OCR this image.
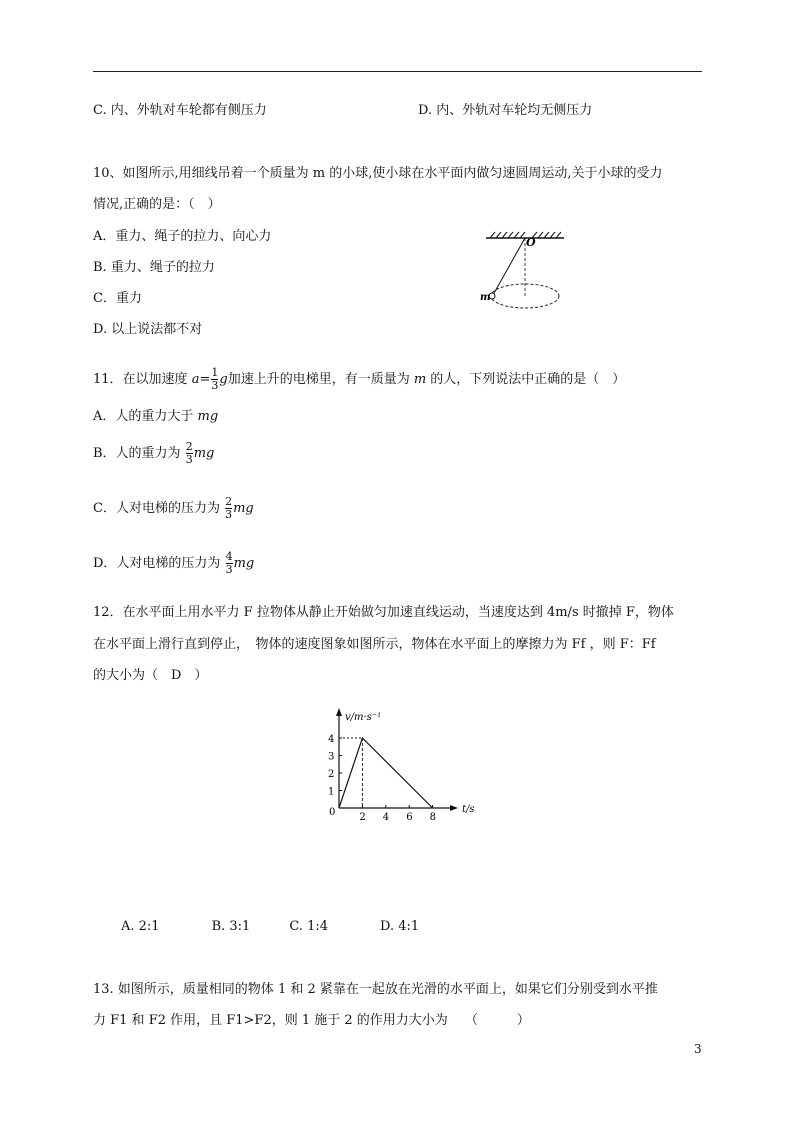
C. 内、外轨对车轮都有侧压力	D. 内、外轨对车轮均无侧压力
10、如图所示,用细线吊着一个质量为 m 的小球,使小球在水平面内做匀速圆周运动,关于小球的受力
情况,正确的是：（　）
A．重力、绳子的拉力、向心力
B. 重力、绳子的拉力
C．重力
D. 以上说法都不对
O
m
11．在以加速度 $a= \frac{1}{3}$ g加速上升的电梯里，有一质量为 m 的人，下列说法中正确的是（　）
A．人的重力大于 mg
B．人的重力为 $\frac{2}{3}$ mg
C．人对电梯的压力为 $\frac{2}{3}$ mg
D．人对电梯的压力为 $\frac{4}{3}$ mg
12．在水平面上用水平力 F 拉物体从静止开始做匀加速直线运动，当速度达到 4m/s 时撤掉 F，物体
在水平面上滑行直到停止，　物体的速度图象如图所示，物体在水平面上的摩擦力为 Ff ，则 F：Ff
的大小为（　D　）
v/m·s⁻¹
t/s
0 2 4 6 8
1
2
3
4
A. 2:1　　　　B. 3:1　　　C. 1:4　　　　D. 4:1
13. 如图所示，质量相同的物体 1 和 2 紧靠在一起放在光滑的水平面上，如果它们分别受到水平推
力 F1 和 F2 作用，且 F1>F2，则 1 施于 2 的作用力大小为　 （　　　）
3
